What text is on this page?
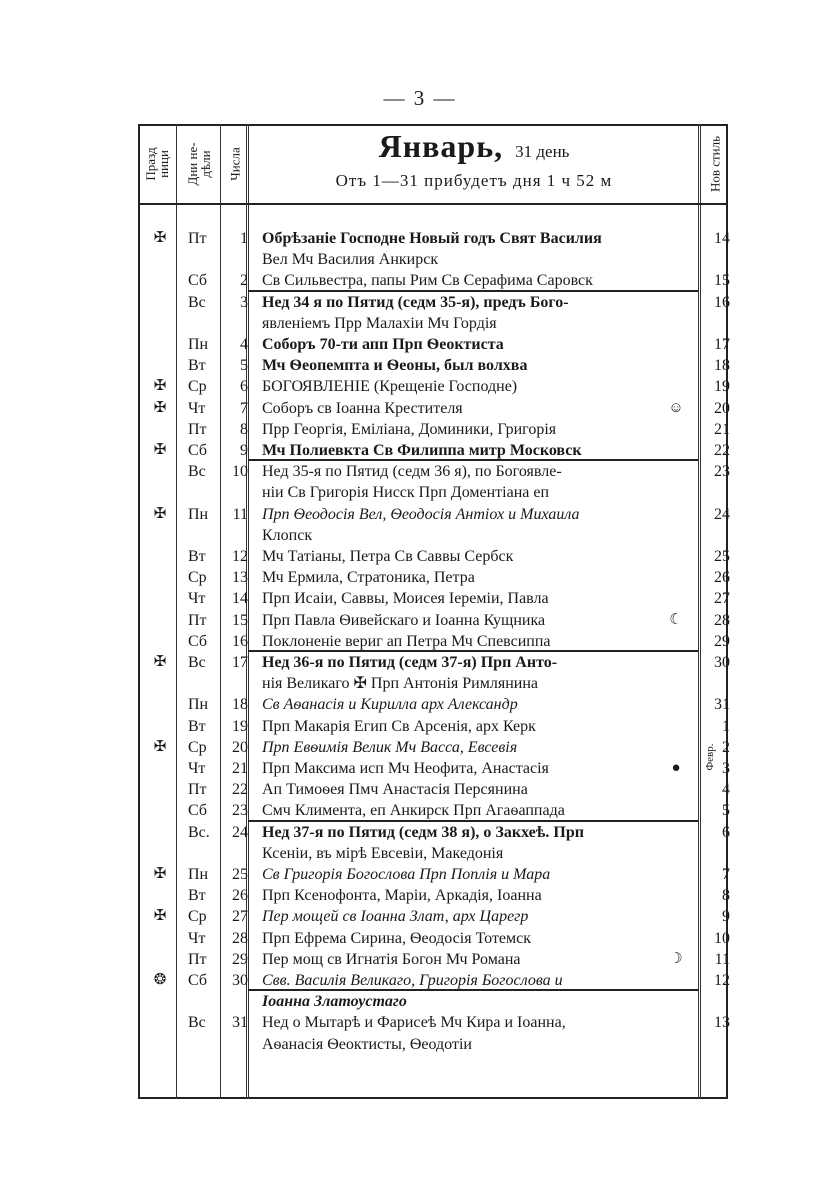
— 3 —
Празд
ници Дни не-
дѣли Числа	Нов стиль
Январь, 31 день
Отъ 1—31 прибудетъ дня 1 ч 52 м
Февр.
✠	Пт	1 Обрѣзаніе Господне Новый годъ Свят Василия	14
Вел Мч Василия Анкирск
Сб	2 Св Сильвестра, папы Рим Св Серафима Саровск	15
Вс	3 Нед 34 я по Пятид (седм 35-я), предъ Бого-	16
явленіемъ Прр Малахіи Мч Гордія
Пн	4 Соборъ 70-ти апп Прп Ѳеоктиста	17
Вт	5 Мч Ѳеопемпта и Ѳеоны, был волхва	18
✠	Ср	6 БОГОЯВЛЕНІЕ (Крещеніе Господне)	19
✠	Чт	7 Соборъ св Іоанна Крестителя	☺	20
Пт	8 Прр Георгія, Еміліана, Доминики, Григорія	21
✠	Сб	9 Мч Полиевкта Св Филиппа митр Московск	22
Вс	10 Нед 35-я по Пятид (седм 36 я), по Богоявле-	23
ніи Св Григорія Нисск Прп Доментіана еп
✠	Пн	11 Прп Ѳеодосія Вел, Ѳеодосія Антіох и Михаила	24
Клопск
Вт	12 Мч Татіаны, Петра Св Саввы Сербск	25
Ср	13 Мч Ермила, Стратоника, Петра	26
Чт	14 Прп Исаіи, Саввы, Моисея Іереміи, Павла	27
Пт	15 Прп Павла Ѳивейскаго и Іоанна Кущника	☾	28
Сб	16 Поклоненіе вериг ап Петра Мч Спевсиппа	29
✠	Вс	17 Нед 36-я по Пятид (седм 37-я) Прп Анто-	30
нія Великаго ✠ Прп Антонія Римлянина
Пн	18 Св Аѳанасія и Кирилла арх Александр	31
Вт	19 Прп Макарія Егип Св Арсенія, арх Керк	1
✠	Ср	20 Прп Евѳимія Велик Мч Васса, Евсевія	2
Чт	21 Прп Максима исп Мч Неофита, Анастасія	●	3
Пт	22 Ап Тимоѳея Пмч Анастасія Персянина	4
Сб	23 Смч Климента, еп Анкирск Прп Агаѳаппада	5
Вс.	24 Нед 37-я по Пятид (седм 38 я), о Закхеѣ. Прп	6
Ксеніи, въ мірѣ Евсевіи, Македонія
✠	Пн	25 Св Григорія Богослова Прп Поплія и Мара	7
Вт	26 Прп Ксенофонта, Маріи, Аркадія, Іоанна	8
✠	Ср	27 Пер мощей св Іоанна Злат, арх Царегр	9
Чт	28 Прп Ефрема Сирина, Ѳеодосія Тотемск	10
Пт	29 Пер мощ св Игнатія Богон Мч Романа	☽	11
❂	Сб	30 Свв. Василія Великаго, Григорія Богослова и	12
Іоанна Златоустаго
Вс	31 Нед о Мытарѣ и Фарисеѣ Мч Кира и Іоанна,	13
Аѳанасія Ѳеоктисты, Ѳеодотіи
